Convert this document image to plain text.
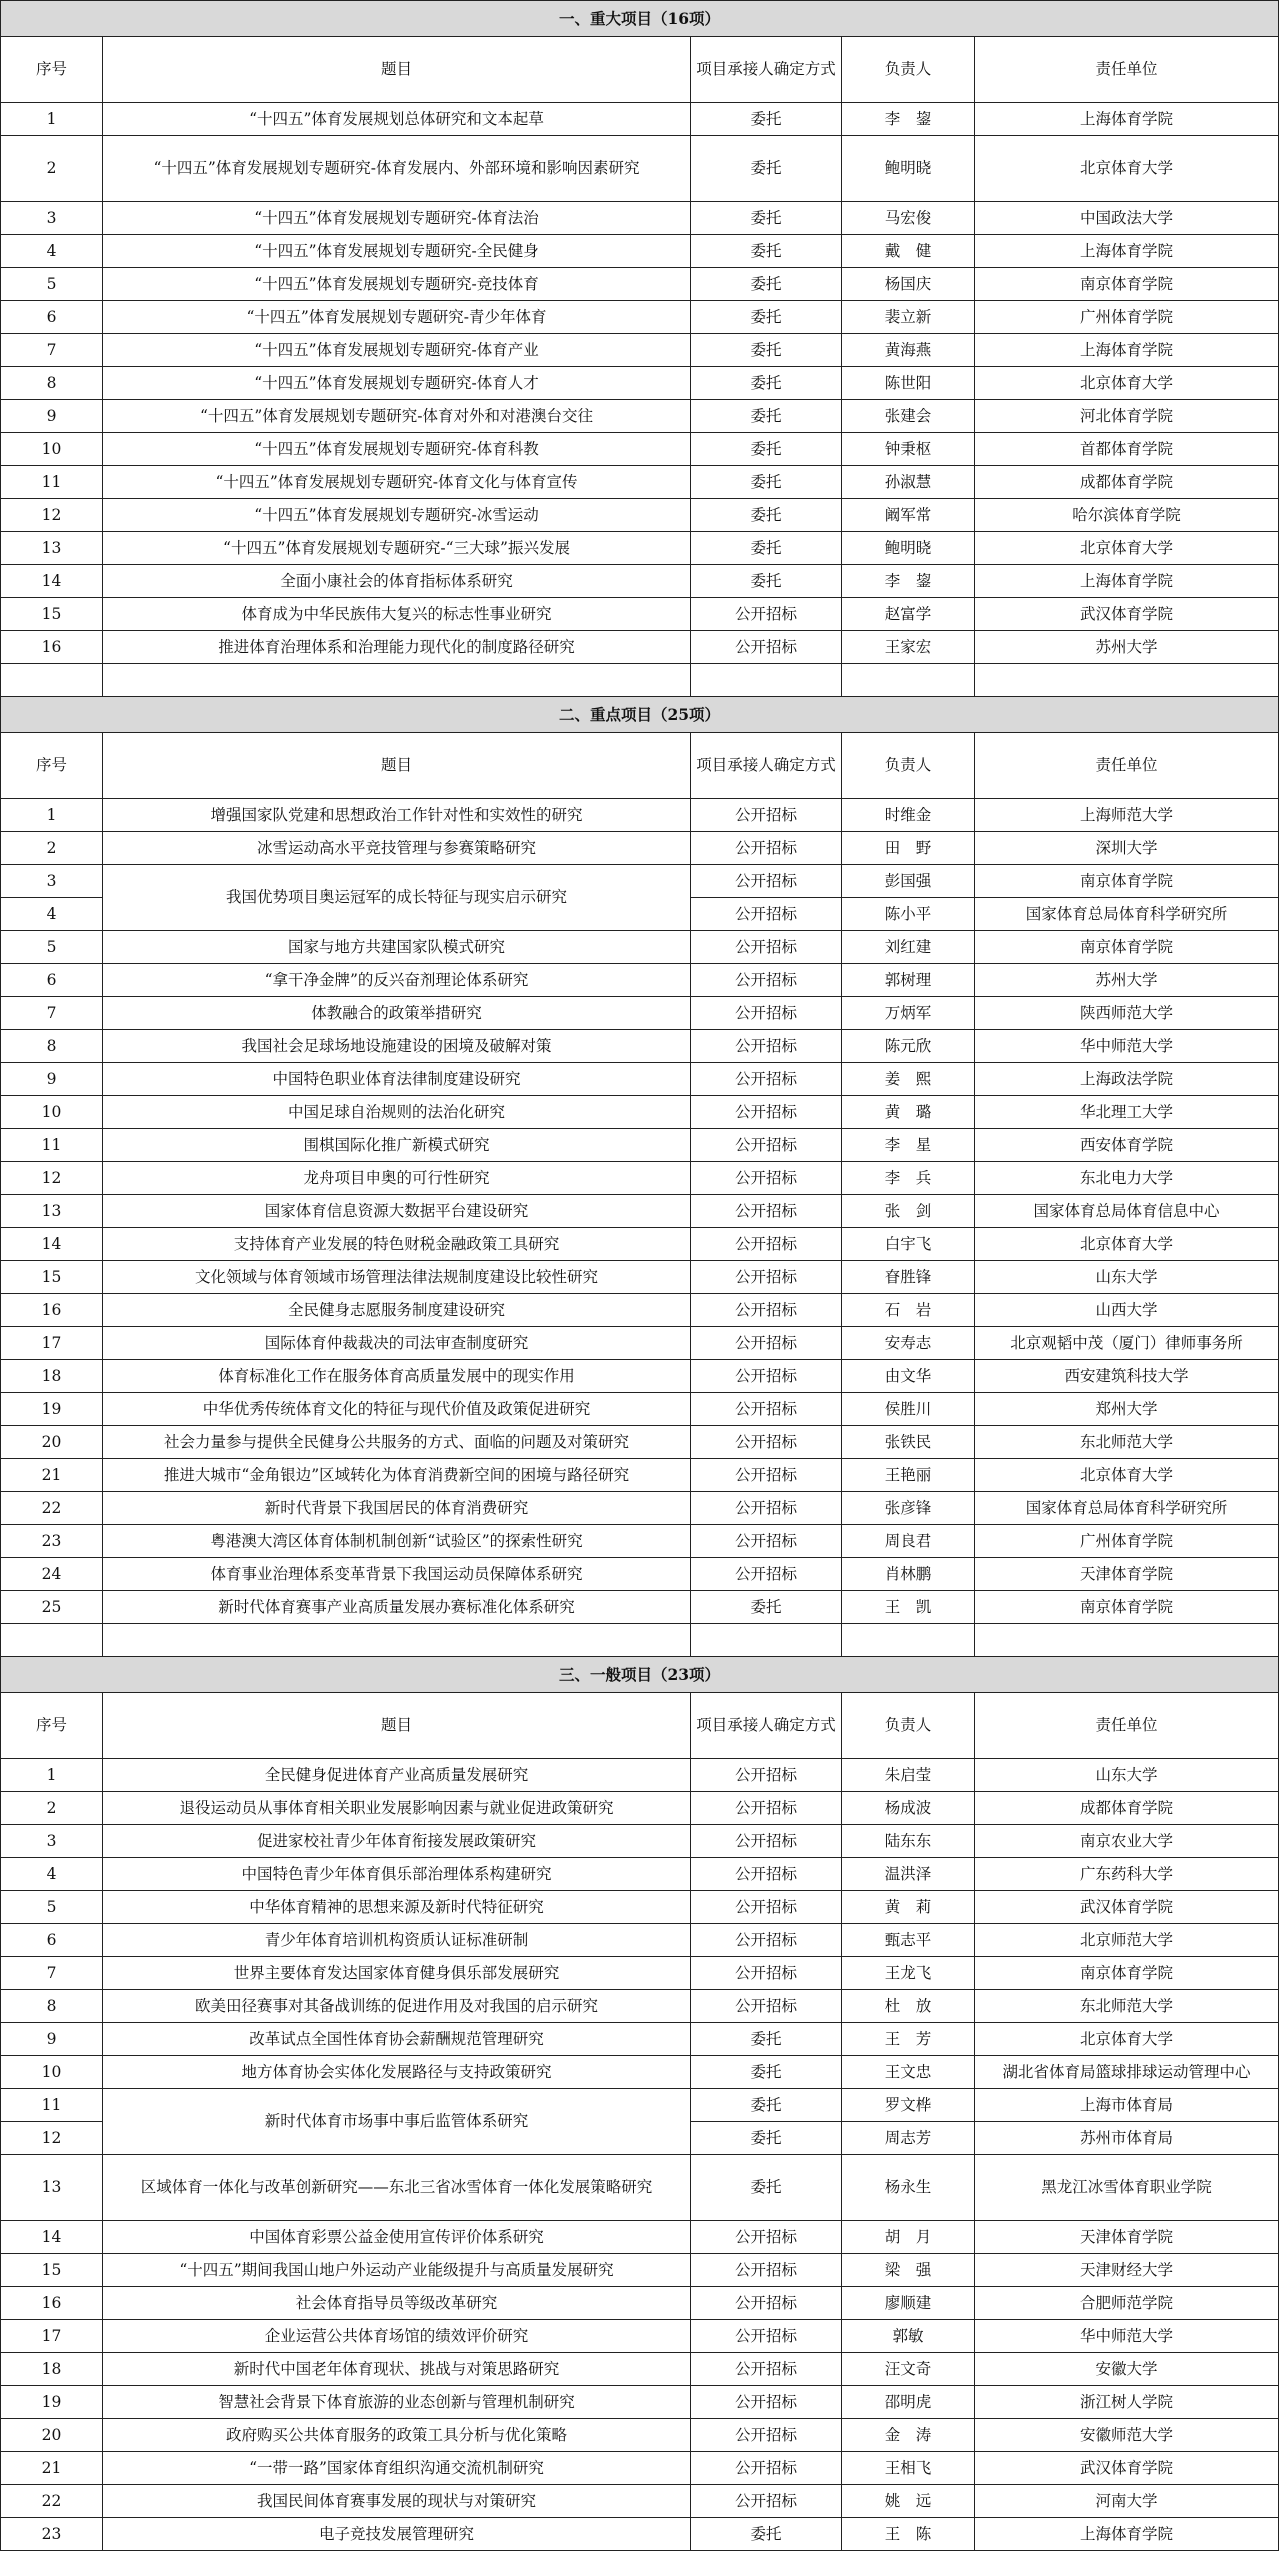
一、重大项目（16项）				
序号	题目	项目承接人确定方式	负责人	责任单位
1	“十四五”体育发展规划总体研究和文本起草	委托	李　鋆	上海体育学院
2	“十四五”体育发展规划专题研究-体育发展内、外部环境和影响因素研究	委托	鲍明晓	北京体育大学
3	“十四五”体育发展规划专题研究-体育法治	委托	马宏俊	中国政法大学
4	“十四五”体育发展规划专题研究-全民健身	委托	戴　健	上海体育学院
5	“十四五”体育发展规划专题研究-竞技体育	委托	杨国庆	南京体育学院
6	“十四五”体育发展规划专题研究-青少年体育	委托	裴立新	广州体育学院
7	“十四五”体育发展规划专题研究-体育产业	委托	黄海燕	上海体育学院
8	“十四五”体育发展规划专题研究-体育人才	委托	陈世阳	北京体育大学
9	“十四五”体育发展规划专题研究-体育对外和对港澳台交往	委托	张建会	河北体育学院
10	“十四五”体育发展规划专题研究-体育科教	委托	钟秉枢	首都体育学院
11	“十四五”体育发展规划专题研究-体育文化与体育宣传	委托	孙淑慧	成都体育学院
12	“十四五”体育发展规划专题研究-冰雪运动	委托	阚军常	哈尔滨体育学院
13	“十四五”体育发展规划专题研究-“三大球”振兴发展	委托	鲍明晓	北京体育大学
14	全面小康社会的体育指标体系研究	委托	李　鋆	上海体育学院
15	体育成为中华民族伟大复兴的标志性事业研究	公开招标	赵富学	武汉体育学院
16	推进体育治理体系和治理能力现代化的制度路径研究	公开招标	王家宏	苏州大学

二、重点项目（25项）				
序号	题目	项目承接人确定方式	负责人	责任单位
1	增强国家队党建和思想政治工作针对性和实效性的研究	公开招标	时维金	上海师范大学
2	冰雪运动高水平竞技管理与参赛策略研究	公开招标	田　野	深圳大学
3	我国优势项目奥运冠军的成长特征与现实启示研究	公开招标	彭国强	南京体育学院
4		公开招标	陈小平	国家体育总局体育科学研究所
5	国家与地方共建国家队模式研究	公开招标	刘红建	南京体育学院
6	“拿干净金牌”的反兴奋剂理论体系研究	公开招标	郭树理	苏州大学
7	体教融合的政策举措研究	公开招标	万炳军	陕西师范大学
8	我国社会足球场地设施建设的困境及破解对策	公开招标	陈元欣	华中师范大学
9	中国特色职业体育法律制度建设研究	公开招标	姜　熙	上海政法学院
10	中国足球自治规则的法治化研究	公开招标	黄　璐	华北理工大学
11	围棋国际化推广新模式研究	公开招标	李　星	西安体育学院
12	龙舟项目申奥的可行性研究	公开招标	李　兵	东北电力大学
13	国家体育信息资源大数据平台建设研究	公开招标	张　剑	国家体育总局体育信息中心
14	支持体育产业发展的特色财税金融政策工具研究	公开招标	白宇飞	北京体育大学
15	文化领域与体育领域市场管理法律法规制度建设比较性研究	公开招标	眘胜锋	山东大学
16	全民健身志愿服务制度建设研究	公开招标	石　岩	山西大学
17	国际体育仲裁裁决的司法审查制度研究	公开招标	安寿志	北京观韬中茂（厦门）律师事务所
18	体育标准化工作在服务体育高质量发展中的现实作用	公开招标	由文华	西安建筑科技大学
19	中华优秀传统体育文化的特征与现代价值及政策促进研究	公开招标	侯胜川	郑州大学
20	社会力量参与提供全民健身公共服务的方式、面临的问题及对策研究	公开招标	张铁民	东北师范大学
21	推进大城市“金角银边”区域转化为体育消费新空间的困境与路径研究	公开招标	王艳丽	北京体育大学
22	新时代背景下我国居民的体育消费研究	公开招标	张彦锋	国家体育总局体育科学研究所
23	粤港澳大湾区体育体制机制创新“试验区”的探索性研究	公开招标	周良君	广州体育学院
24	体育事业治理体系变革背景下我国运动员保障体系研究	公开招标	肖林鹏	天津体育学院
25	新时代体育赛事产业高质量发展办赛标准化体系研究	委托	王　凯	南京体育学院

三、一般项目（23项）				
序号	题目	项目承接人确定方式	负责人	责任单位
1	全民健身促进体育产业高质量发展研究	公开招标	朱启莹	山东大学
2	退役运动员从事体育相关职业发展影响因素与就业促进政策研究	公开招标	杨成波	成都体育学院
3	促进家校社青少年体育衔接发展政策研究	公开招标	陆东东	南京农业大学
4	中国特色青少年体育俱乐部治理体系构建研究	公开招标	温洪泽	广东药科大学
5	中华体育精神的思想来源及新时代特征研究	公开招标	黄　莉	武汉体育学院
6	青少年体育培训机构资质认证标准研制	公开招标	甄志平	北京师范大学
7	世界主要体育发达国家体育健身俱乐部发展研究	公开招标	王龙飞	南京体育学院
8	欧美田径赛事对其备战训练的促进作用及对我国的启示研究	公开招标	杜　放	东北师范大学
9	改革试点全国性体育协会薪酬规范管理研究	委托	王　芳	北京体育大学
10	地方体育协会实体化发展路径与支持政策研究	委托	王文忠	湖北省体育局篮球排球运动管理中心
11	新时代体育市场事中事后监管体系研究	委托	罗文桦	上海市体育局
12		委托	周志芳	苏州市体育局
13	区域体育一体化与改革创新研究——东北三省冰雪体育一体化发展策略研究	委托	杨永生	黑龙江冰雪体育职业学院
14	中国体育彩票公益金使用宣传评价体系研究	公开招标	胡　月	天津体育学院
15	“十四五”期间我国山地户外运动产业能级提升与高质量发展研究	公开招标	梁　强	天津财经大学
16	社会体育指导员等级改革研究	公开招标	廖顺建	合肥师范学院
17	企业运营公共体育场馆的绩效评价研究	公开招标	郭敏	华中师范大学
18	新时代中国老年体育现状、挑战与对策思路研究	公开招标	汪文奇	安徽大学
19	智慧社会背景下体育旅游的业态创新与管理机制研究	公开招标	邵明虎	浙江树人学院
20	政府购买公共体育服务的政策工具分析与优化策略	公开招标	金　涛	安徽师范大学
21	“一带一路”国家体育组织沟通交流机制研究	公开招标	王相飞	武汉体育学院
22	我国民间体育赛事发展的现状与对策研究	公开招标	姚　远	河南大学
23	电子竞技发展管理研究	委托	王　陈	上海体育学院
